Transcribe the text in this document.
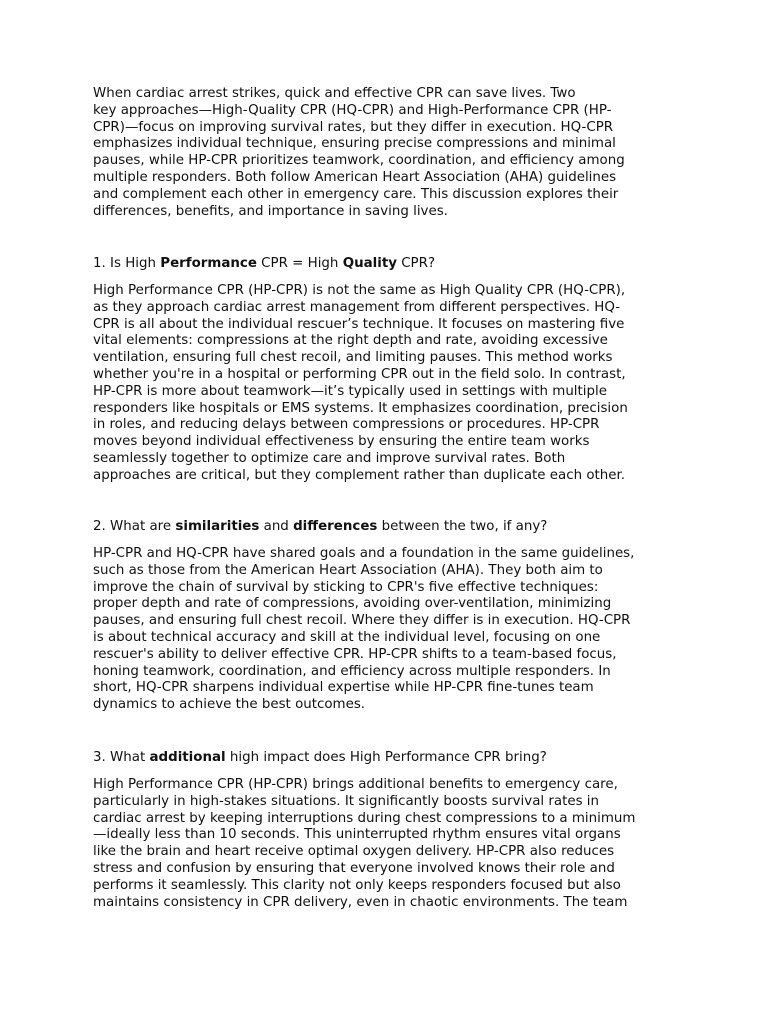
When cardiac arrest strikes, quick and effective CPR can save lives. Two
key approaches—High-Quality CPR (HQ-CPR) and High-Performance CPR (HP-
CPR)—focus on improving survival rates, but they differ in execution. HQ-CPR
emphasizes individual technique, ensuring precise compressions and minimal
pauses, while HP-CPR prioritizes teamwork, coordination, and efficiency among
multiple responders. Both follow American Heart Association (AHA) guidelines
and complement each other in emergency care. This discussion explores their
differences, benefits, and importance in saving lives.

1. Is High Performance CPR = High Quality CPR?

High Performance CPR (HP-CPR) is not the same as High Quality CPR (HQ-CPR),
as they approach cardiac arrest management from different perspectives. HQ-
CPR is all about the individual rescuer’s technique. It focuses on mastering five
vital elements: compressions at the right depth and rate, avoiding excessive
ventilation, ensuring full chest recoil, and limiting pauses. This method works
whether you're in a hospital or performing CPR out in the field solo. In contrast,
HP-CPR is more about teamwork—it’s typically used in settings with multiple
responders like hospitals or EMS systems. It emphasizes coordination, precision
in roles, and reducing delays between compressions or procedures. HP-CPR
moves beyond individual effectiveness by ensuring the entire team works
seamlessly together to optimize care and improve survival rates. Both
approaches are critical, but they complement rather than duplicate each other.

2. What are similarities and differences between the two, if any?

HP-CPR and HQ-CPR have shared goals and a foundation in the same guidelines,
such as those from the American Heart Association (AHA). They both aim to
improve the chain of survival by sticking to CPR's five effective techniques:
proper depth and rate of compressions, avoiding over-ventilation, minimizing
pauses, and ensuring full chest recoil. Where they differ is in execution. HQ-CPR
is about technical accuracy and skill at the individual level, focusing on one
rescuer's ability to deliver effective CPR. HP-CPR shifts to a team-based focus,
honing teamwork, coordination, and efficiency across multiple responders. In
short, HQ-CPR sharpens individual expertise while HP-CPR fine-tunes team
dynamics to achieve the best outcomes.

3. What additional high impact does High Performance CPR bring?

High Performance CPR (HP-CPR) brings additional benefits to emergency care,
particularly in high-stakes situations. It significantly boosts survival rates in
cardiac arrest by keeping interruptions during chest compressions to a minimum
—ideally less than 10 seconds. This uninterrupted rhythm ensures vital organs
like the brain and heart receive optimal oxygen delivery. HP-CPR also reduces
stress and confusion by ensuring that everyone involved knows their role and
performs it seamlessly. This clarity not only keeps responders focused but also
maintains consistency in CPR delivery, even in chaotic environments. The team
